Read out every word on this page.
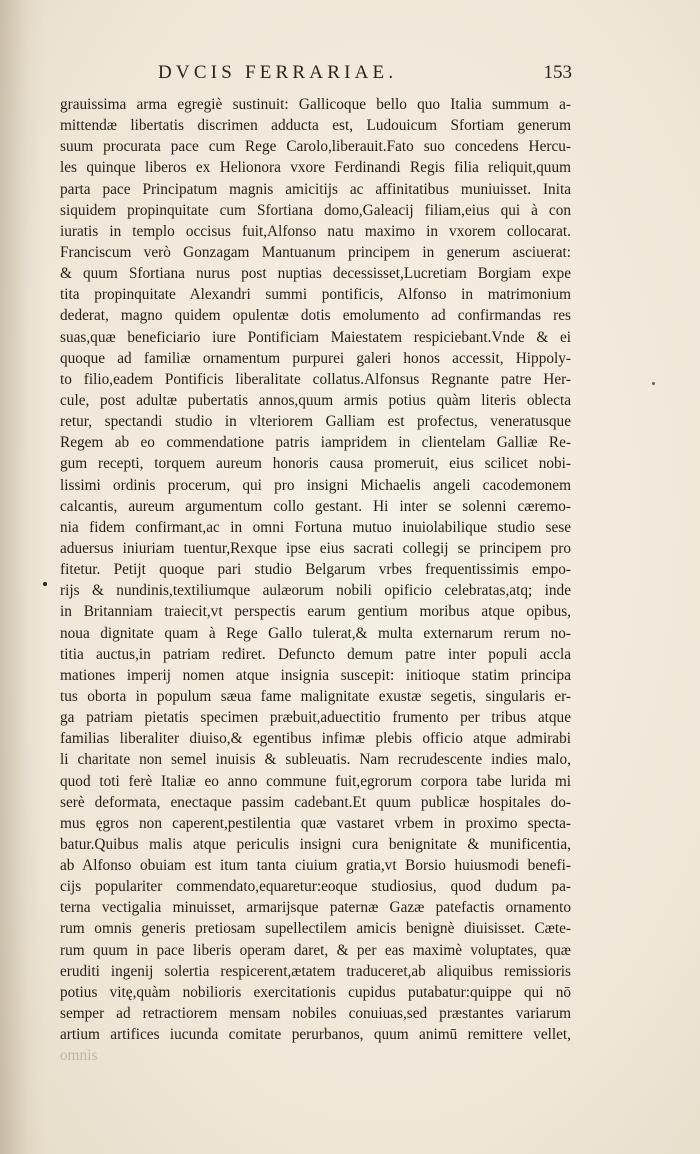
DVCIS FERRARIAE.	153
grauissima arma egregiè sustinuit: Gallicoque bello quo Italia summum a-
mittendæ libertatis discrimen adducta est, Ludouicum Sfortiam generum
suum procurata pace cum Rege Carolo,liberauit.Fato suo concedens Hercu-
les quinque liberos ex Helionora vxore Ferdinandi Regis filia reliquit,quum
parta pace Principatum magnis amicitijs ac affinitatibus muniuisset. Inita
siquidem propinquitate cum Sfortiana domo,Galeacij filiam,eius qui à con
iuratis in templo occisus fuit,Alfonso natu maximo in vxorem collocarat.
Franciscum verò Gonzagam Mantuanum principem in generum asciuerat:
& quum Sfortiana nurus post nuptias decessisset,Lucretiam Borgiam expe
tita propinquitate Alexandri summi pontificis, Alfonso in matrimonium
dederat, magno quidem opulentæ dotis emolumento ad confirmandas res
suas,quæ beneficiario iure Pontificiam Maiestatem respiciebant.Vnde & ei
quoque ad familiæ ornamentum purpurei galeri honos accessit, Hippoly-
to filio,eadem Pontificis liberalitate collatus.Alfonsus Regnante patre Her-
cule, post adultæ pubertatis annos,quum armis potius quàm literis oblecta
retur, spectandi studio in vlteriorem Galliam est profectus, veneratusque
Regem ab eo commendatione patris iampridem in clientelam Galliæ Re-
gum recepti, torquem aureum honoris causa promeruit, eius scilicet nobi-
lissimi ordinis procerum, qui pro insigni Michaelis angeli cacodemonem
calcantis, aureum argumentum collo gestant. Hi inter se solenni cæremo-
nia fidem confirmant,ac in omni Fortuna mutuo inuiolabilique studio sese
aduersus iniuriam tuentur,Rexque ipse eius sacrati collegij se principem pro
fitetur. Petijt quoque pari studio Belgarum vrbes frequentissimis empo-
rijs & nundinis,textiliumque aulæorum nobili opificio celebratas,atq; inde
in Britanniam traiecit,vt perspectis earum gentium moribus atque opibus,
noua dignitate quam à Rege Gallo tulerat,& multa externarum rerum no-
titia auctus,in patriam rediret. Defuncto demum patre inter populi accla
mationes imperij nomen atque insignia suscepit: initioque statim principa
tus oborta in populum sæua fame malignitate exustæ segetis, singularis er-
ga patriam pietatis specimen præbuit,aduectitio frumento per tribus atque
familias liberaliter diuiso,& egentibus infimæ plebis officio atque admirabi
li charitate non semel inuisis & subleuatis. Nam recrudescente indies malo,
quod toti ferè Italiæ eo anno commune fuit,egrorum corpora tabe lurida mi
serè deformata, enectaque passim cadebant.Et quum publicæ hospitales do-
mus ęgros non caperent,pestilentia quæ vastaret vrbem in proximo specta-
batur.Quibus malis atque periculis insigni cura benignitate & munificentia,
ab Alfonso obuiam est itum tanta ciuium gratia,vt Borsio huiusmodi benefi-
cijs populariter commendato,equaretur:eoque studiosius, quod dudum pa-
terna vectigalia minuisset, armarijsque paternæ Gazæ patefactis ornamento
rum omnis generis pretiosam supellectilem amicis benignè diuisisset. Cæte-
rum quum in pace liberis operam daret, & per eas maximè voluptates, quæ
eruditi ingenij solertia respicerent,ætatem traduceret,ab aliquibus remissioris
potius vitę,quàm nobilioris exercitationis cupidus putabatur:quippe qui nō
semper ad retractiorem mensam nobiles conuiuas,sed præstantes variarum
artium artifices iucunda comitate perurbanos, quum animū remittere vellet,
omnis
